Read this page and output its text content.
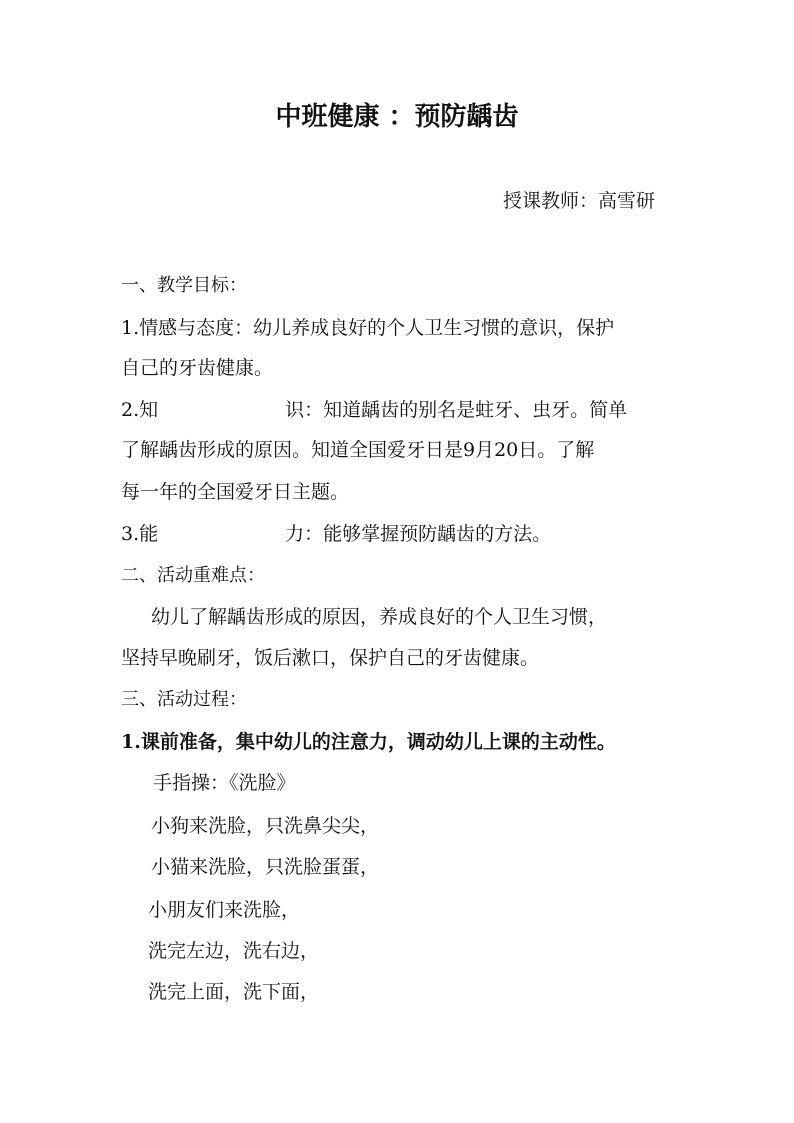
中班健康 ：预防龋齿
授课教师：高雪研
一、教学目标：
1.情感与态度：幼儿养成良好的个人卫生习惯的意识，保护
自己的牙齿健康。
2.知	识：知道龋齿的别名是蛀牙、虫牙。简单
了解龋齿形成的原因。知道全国爱牙日是9月20日。了解
每一年的全国爱牙日主题。
3.能	力：能够掌握预防龋齿的方法。
二、活动重难点：
幼儿了解龋齿形成的原因，养成良好的个人卫生习惯，
坚持早晚刷牙，饭后漱口，保护自己的牙齿健康。
三、活动过程：
1.课前准备，集中幼儿的注意力，调动幼儿上课的主动性。
手指操：《洗脸》
小狗来洗脸，只洗鼻尖尖，
小猫来洗脸，只洗脸蛋蛋，
小朋友们来洗脸，
洗完左边，洗右边，
洗完上面，洗下面，
